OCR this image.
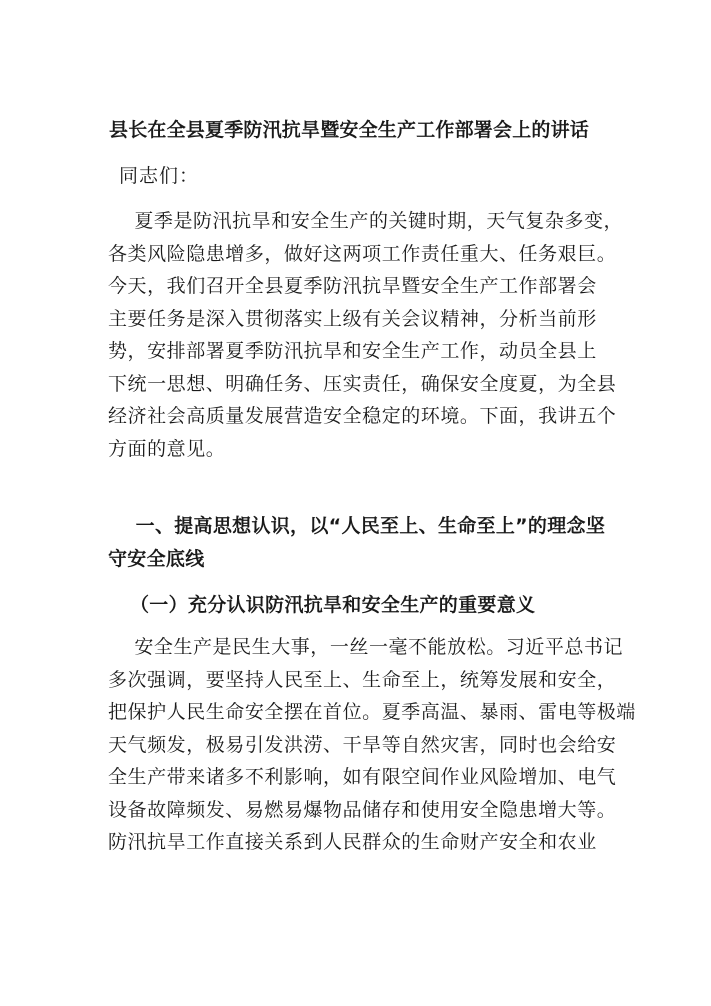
县长在全县夏季防汛抗旱暨安全生产工作部署会上的讲话
同志们：
夏季是防汛抗旱和安全生产的关键时期，天气复杂多变，
各类风险隐患增多，做好这两项工作责任重大、任务艰巨。
今天，我们召开全县夏季防汛抗旱暨安全生产工作部署会
主要任务是深入贯彻落实上级有关会议精神，分析当前形
势，安排部署夏季防汛抗旱和安全生产工作，动员全县上
下统一思想、明确任务、压实责任，确保安全度夏，为全县
经济社会高质量发展营造安全稳定的环境。下面，我讲五个
方面的意见。
一、提高思想认识，以“人民至上、生命至上”的理念坚
守安全底线
（一）充分认识防汛抗旱和安全生产的重要意义
安全生产是民生大事，一丝一毫不能放松。习近平总书记
多次强调，要坚持人民至上、生命至上，统筹发展和安全，
把保护人民生命安全摆在首位。夏季高温、暴雨、雷电等极端
天气频发，极易引发洪涝、干旱等自然灾害，同时也会给安
全生产带来诸多不利影响，如有限空间作业风险增加、电气
设备故障频发、易燃易爆物品储存和使用安全隐患增大等。
防汛抗旱工作直接关系到人民群众的生命财产安全和农业
